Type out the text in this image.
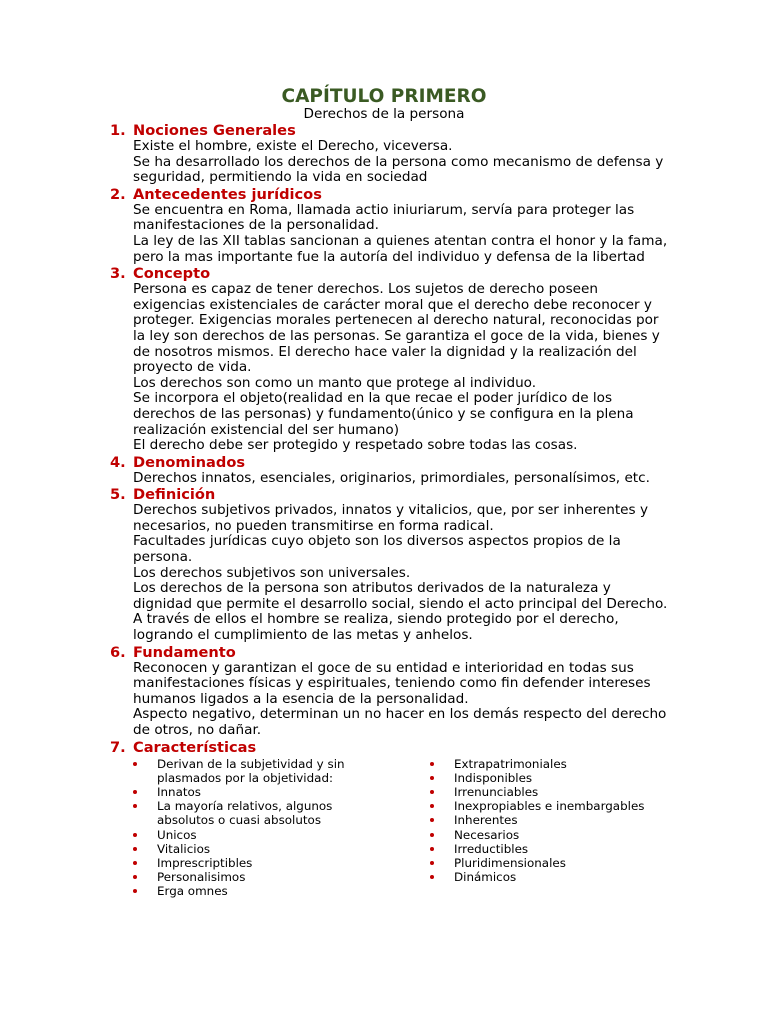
CAPÍTULO PRIMERO
Derechos de la persona
1. Nociones Generales
Existe el hombre, existe el Derecho, viceversa.
Se ha desarrollado los derechos de la persona como mecanismo de defensa y seguridad, permitiendo la vida en sociedad
2. Antecedentes jurídicos
Se encuentra en Roma, llamada actio iniuriarum, servía para proteger las manifestaciones de la personalidad.
La ley de las XII tablas sancionan a quienes atentan contra el honor y la fama, pero la mas importante fue la autoría del individuo y defensa de la libertad
3. Concepto
Persona es capaz de tener derechos. Los sujetos de derecho poseen exigencias existenciales de carácter moral que el derecho debe reconocer y proteger. Exigencias morales pertenecen al derecho natural, reconocidas por la ley son derechos de las personas. Se garantiza el goce de la vida, bienes y de nosotros mismos. El derecho hace valer la dignidad y la realización del proyecto de vida.
Los derechos son como un manto que protege al individuo.
Se incorpora el objeto(realidad en la que recae el poder jurídico de los derechos de las personas) y fundamento(único y se configura en la plena realización existencial del ser humano)
El derecho debe ser protegido y respetado sobre todas las cosas.
4. Denominados
Derechos innatos, esenciales, originarios, primordiales, personalísimos, etc.
5. Definición
Derechos subjetivos privados, innatos y vitalicios, que, por ser inherentes y necesarios, no pueden transmitirse en forma radical.
Facultades jurídicas cuyo objeto son los diversos aspectos propios de la persona.
Los derechos subjetivos son universales.
Los derechos de la persona son atributos derivados de la naturaleza y dignidad que permite el desarrollo social, siendo el acto principal del Derecho. A través de ellos el hombre se realiza, siendo protegido por el derecho, logrando el cumplimiento de las metas y anhelos.
6. Fundamento
Reconocen y garantizan el goce de su entidad e interioridad en todas sus manifestaciones físicas y espirituales, teniendo como fin defender intereses humanos ligados a la esencia de la personalidad.
Aspecto negativo, determinan un no hacer en los demás respecto del derecho de otros, no dañar.
7. Características
Derivan de la subjetividad y sin plasmados por la objetividad:
Innatos
La mayoría relativos, algunos absolutos o cuasi absolutos
Unicos
Vitalicios
Imprescriptibles
Personalisimos
Erga omnes
Extrapatrimoniales
Indisponibles
Irrenunciables
Inexpropiables e inembargables
Inherentes
Necesarios
Irreductibles
Pluridimensionales
Dinámicos
